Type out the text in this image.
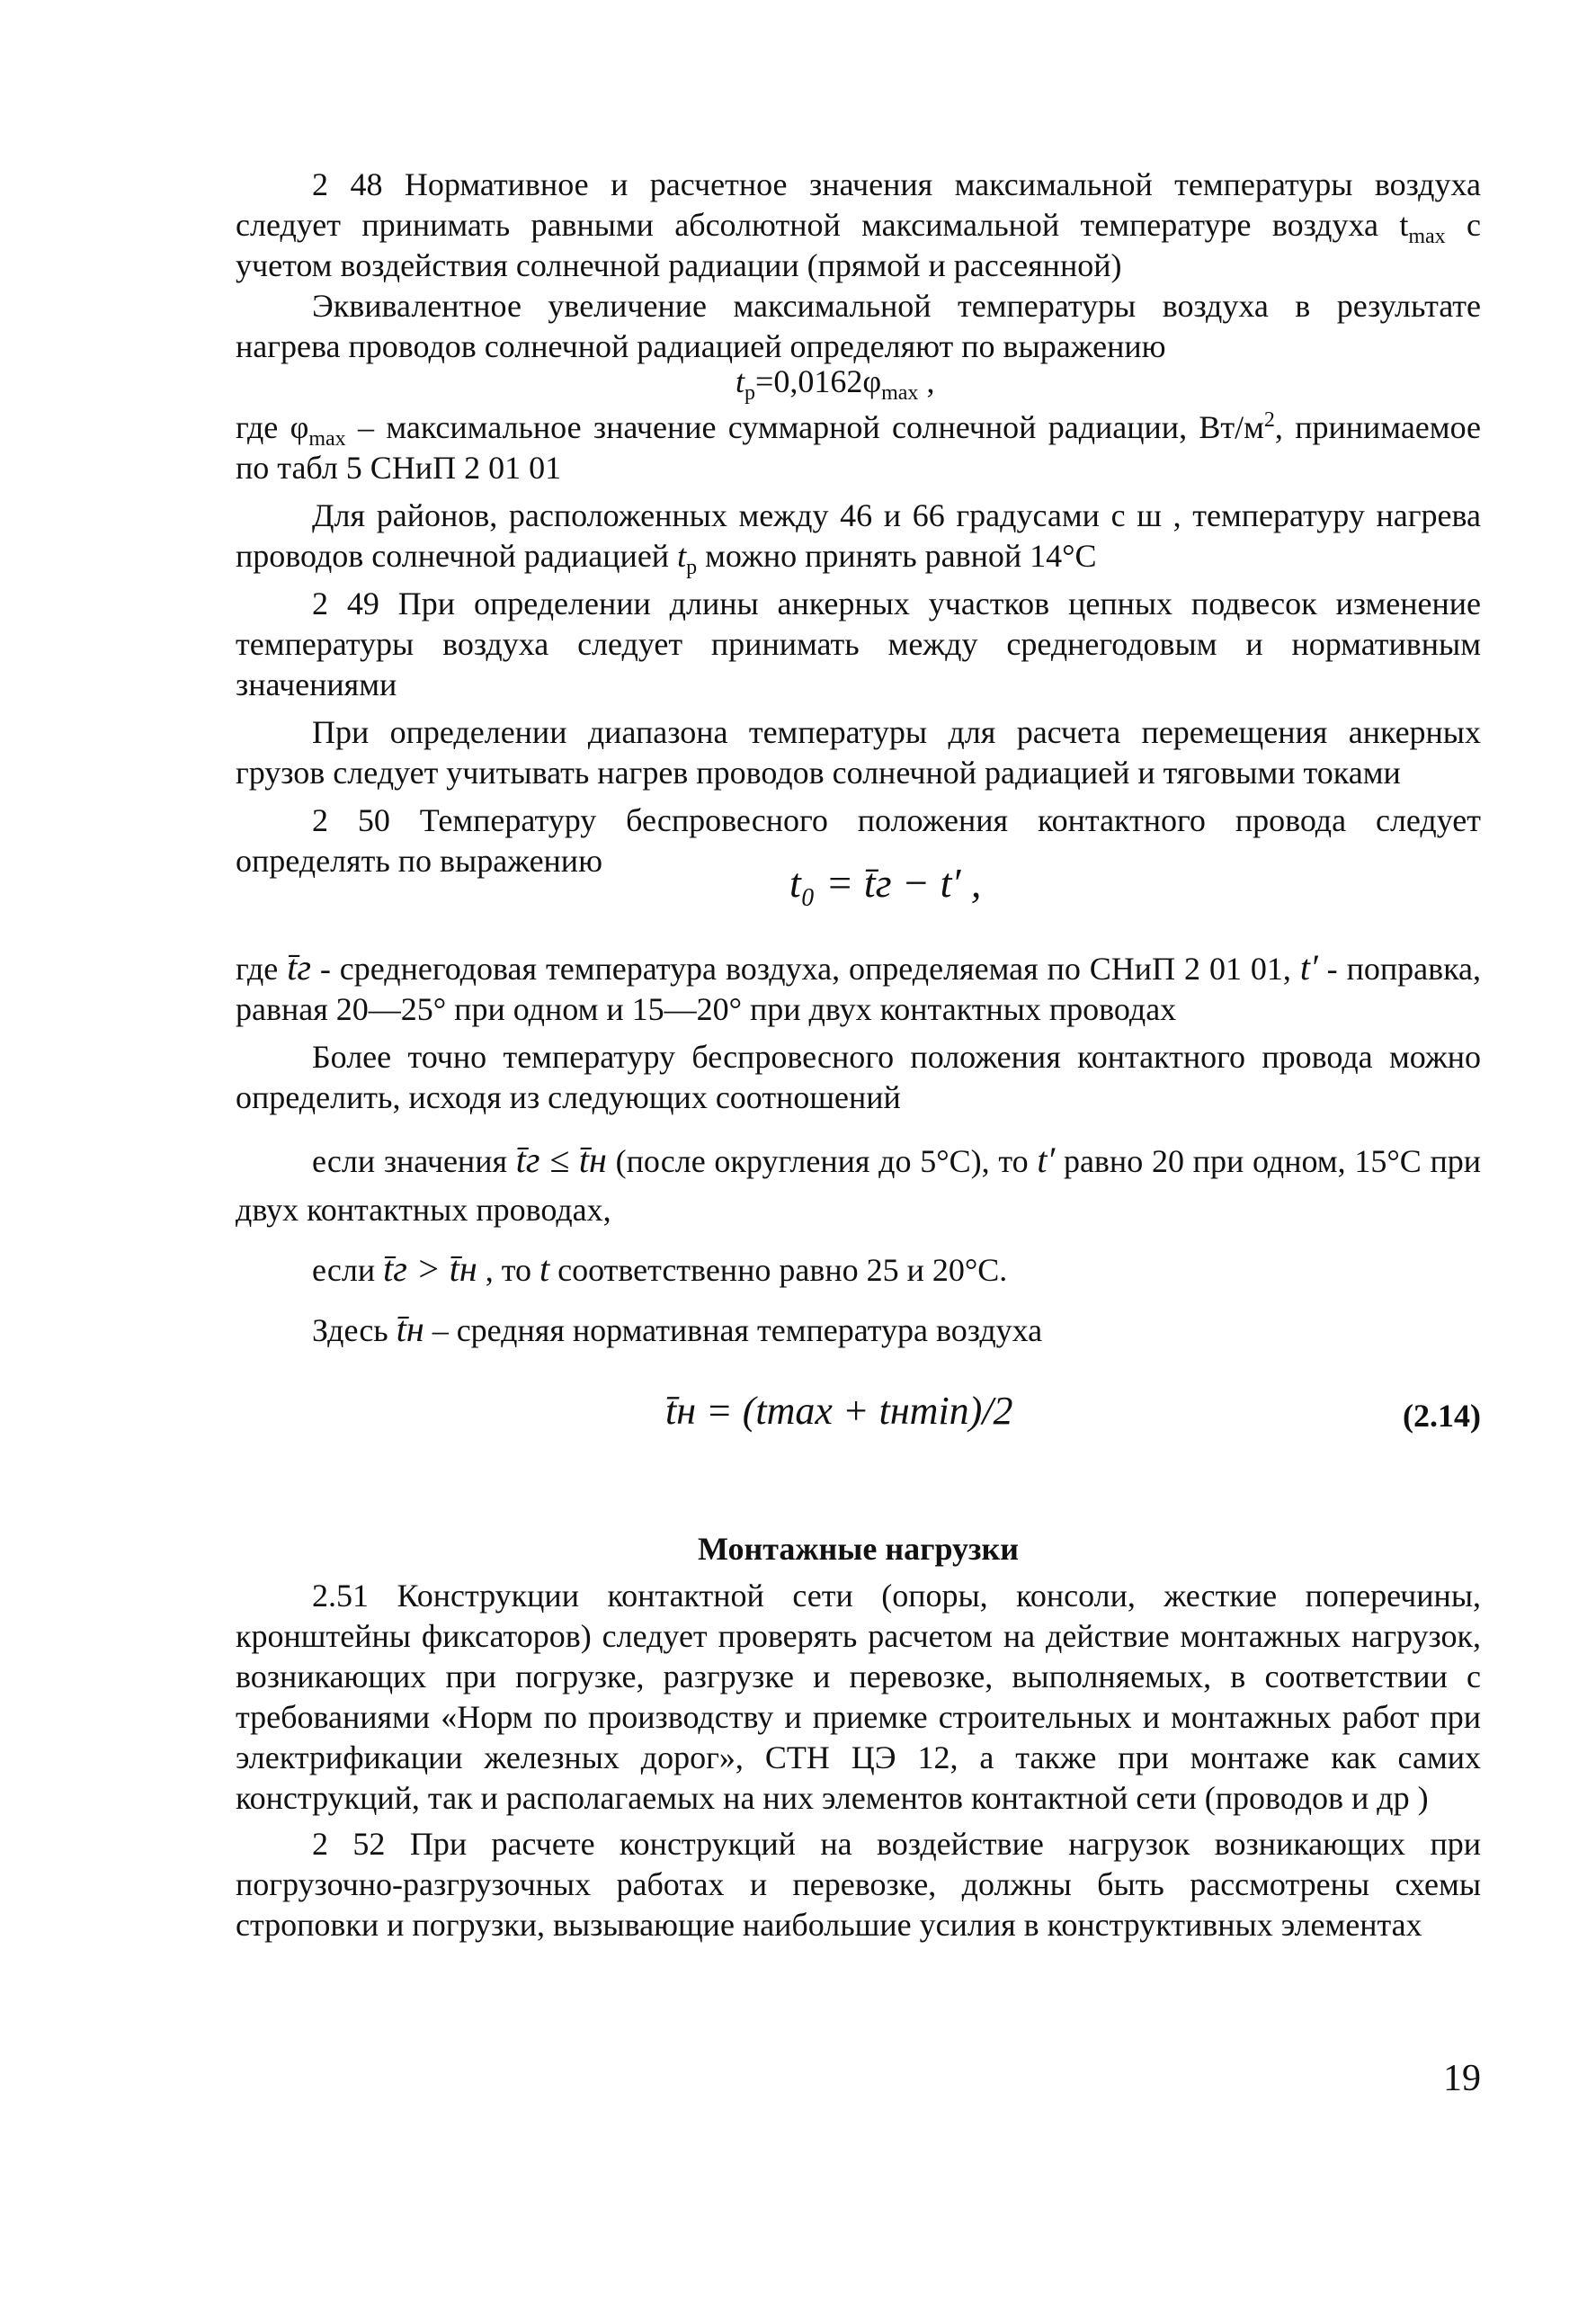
2 48 Нормативное и расчетное значения максимальной температуры воздуха следует принимать равными абсолютной максимальной температуре воздуха $t_{max}$ с учетом воздействия солнечной радиации (прямой и рассеянной)
Эквивалентное увеличение максимальной температуры воздуха в результате нагрева проводов солнечной радиацией определяют по выражению
$t_р=0,0162\varphi_{max}$ ,
где $\varphi_{max}$ – максимальное значение суммарной солнечной радиации, $Вт/м^2$, принимаемое по табл 5 СНиП 2 01 01
Для районов, расположенных между 46 и 66 градусами с ш , температуру нагрева проводов солнечной радиацией $t_р$ можно принять равной 14°С
2 49 При определении длины анкерных участков цепных подвесок изменение температуры воздуха следует принимать между среднегодовым и нормативным значениями
При определении диапазона температуры для расчета перемещения анкерных грузов следует учитывать нагрев проводов солнечной радиацией и тяговыми токами
2 50 Температуру беспровесного положения контактного провода следует определять по выражению	t₀ = t̄г − t′ ,
где t̄г - среднегодовая температура воздуха, определяемая по СНиП 2 01 01, t′ - поправка, равная 20—25° при одном и 15—20° при двух контактных проводах
Более точно температуру беспровесного положения контактного провода можно определить, исходя из следующих соотношений
если значения t̄г ≤ t̄н (после округления до 5°С), то t′ равно 20 при одном, 15°С при двух контактных проводах,
если t̄г > t̄н , то t соответственно равно 25 и 20°С.
Здесь t̄н – средняя нормативная температура воздуха
t̄н = (tmax + tнmin)/2	(2.14)
Монтажные нагрузки
2.51 Конструкции контактной сети (опоры, консоли, жесткие поперечины, кронштейны фиксаторов) следует проверять расчетом на действие монтажных нагрузок, возникающих при погрузке, разгрузке и перевозке, выполняемых, в соответствии с требованиями «Норм по производству и приемке строительных и монтажных работ при электрификации железных дорог», СТН ЦЭ 12, а также при монтаже как самих конструкций, так и располагаемых на них элементов контактной сети (проводов и др )
2 52 При расчете конструкций на воздействие нагрузок возникающих при погрузочно-разгрузочных работах и перевозке, должны быть рассмотрены схемы строповки и погрузки, вызывающие наибольшие усилия в конструктивных элементах
19
